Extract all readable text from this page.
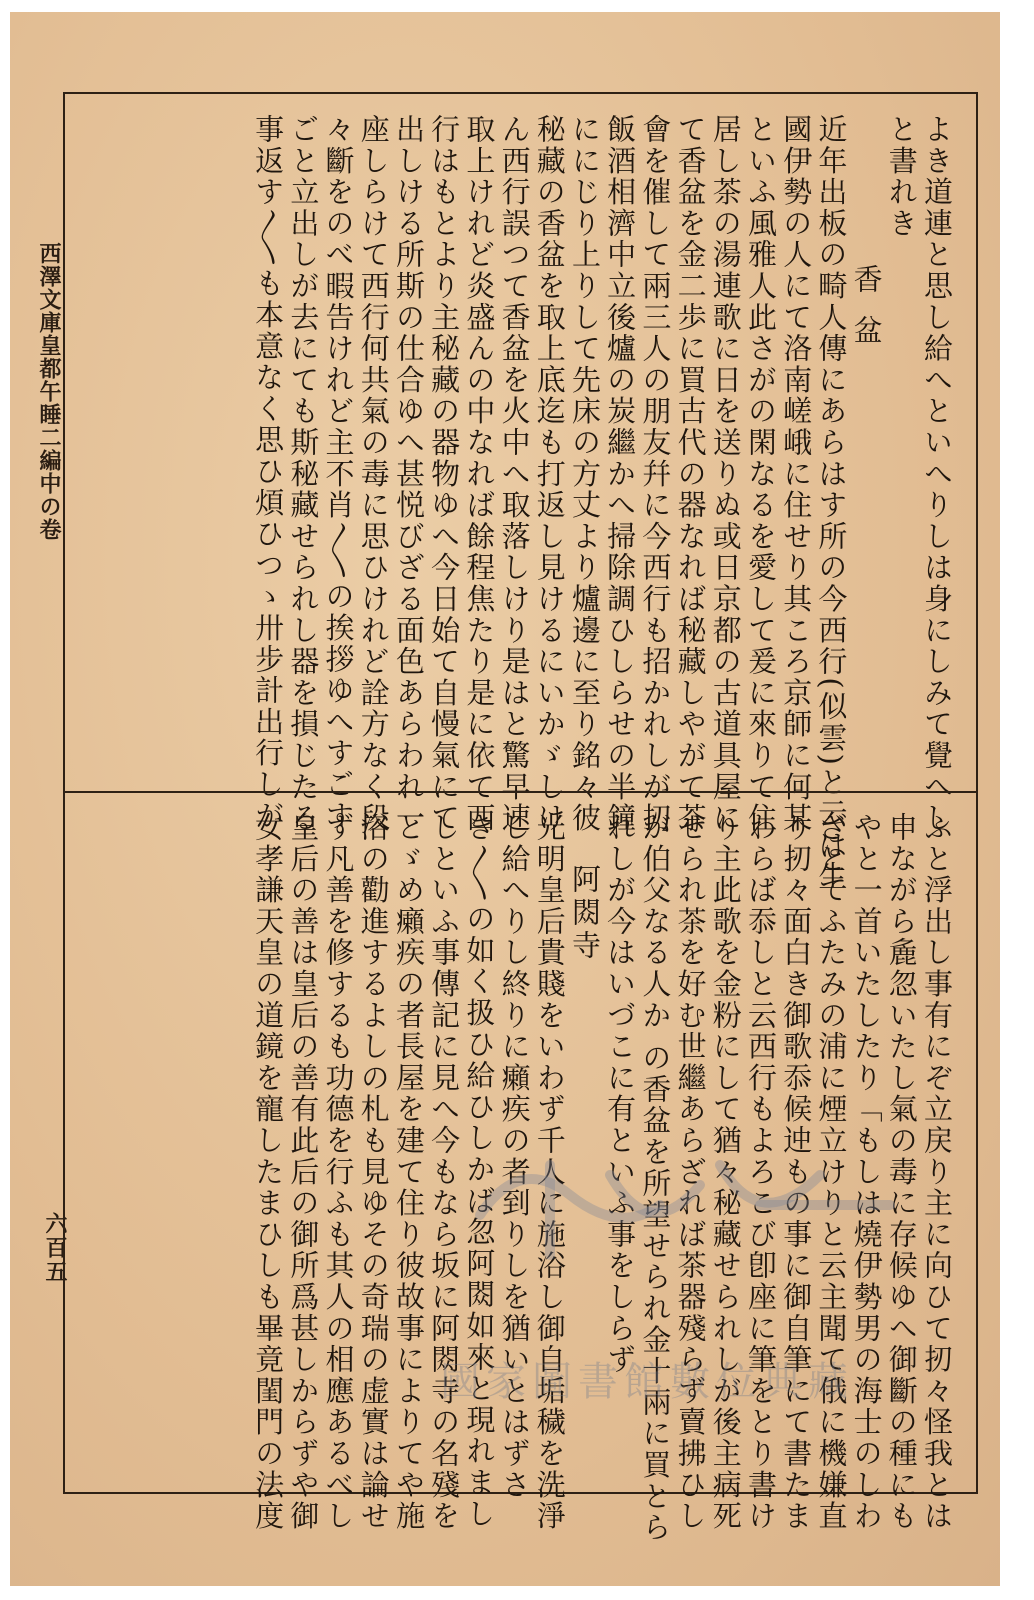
西澤文庫皇都午睡二編中の卷
六百五
よき道連と思し給へといへりしは身にしみて覺へし
と書れき
香盆
近年出板の畸人傳にあらはす所の今西行(似雲)と云は生
國伊勢の人にて洛南嵯峨に住せり其ころ京師に何某
といふ風雅人此さがの閑なるを愛して爰に來りて住
居し茶の湯連歌に日を送りぬ或日京都の古道具屋に
て香盆を金二歩に買古代の器なれば秘藏しやがて茶
會を催して兩三人の朋友幷に今西行も招かれしが扨
飯酒相濟中立後爐の炭繼かへ掃除調ひしらせの半鐘
ににじり上りして先床の方丈より爐邊に至り銘々彼
秘藏の香盆を取上底迄も打返し見けるにいかゞしけ
ん西行誤つて香盆を火中へ取落しけり是はと驚早速
取上けれど炎盛んの中なれば餘程焦たり是に依て西
行はもとより主秘藏の器物ゆへ今日始て自慢氣にて
出しける所斯の仕合ゆへ甚悦びざる面色あらわれ一
座しらけて西行何共氣の毒に思ひけれど詮方なく段
々斷をのべ暇告けれど主不肖〳〵の挨拶ゆへすごす
ごと立出しが去にても斯秘藏せられし器を損じたる
事返す〳〵も本意なく思ひ煩ひつゝ卅步計出行しが
ふと浮出し事有にぞ立戻り主に向ひて扨々怪我とは
申ながら麁忽いたし氣の毒に存候ゆへ御斷の種にも
やと一首いたしたり「もしは燒伊勢男の海士のしわ
ざとてふたみの浦に煙立けりと云主聞て俄に機嫌直
り扨々面白き御歌忝候迚もの事に御自筆にて書たま
わらば忝しと云西行もよろこび卽座に筆をとり書け
り主此歌を金粉にして猶々秘藏せられしが後主病死
せられ茶を好む世繼あらざれば茶器殘らず賣拂ひし
が伯父なる人か の香盆を所望せられ金十兩に買とら
れしが今はいづこに有といふ事をしらず
阿閦寺
光明皇后貴賤をいわず千人に施浴し御自垢穢を洗淨
し給へりし終りに癩疾の者到りしを猶いとはずさ
き〳〵の如く扱ひ給ひしかば忽阿閦如來と現れまし
しといふ事傳記に見へ今もなら坂に阿閦寺の名殘を
とゞめ癩疾の者長屋を建て住り彼故事によりてや施
浴の勸進するよしの札も見ゆその奇瑞の虚實は論せ
ず凡善を修するも功德を行ふも其人の相應あるべし
皇后の善は皇后の善有此后の御所爲甚しからずや御
女孝謙天皇の道鏡を寵したまひしも畢竟閨門の法度	國家圖書館數位典藏
